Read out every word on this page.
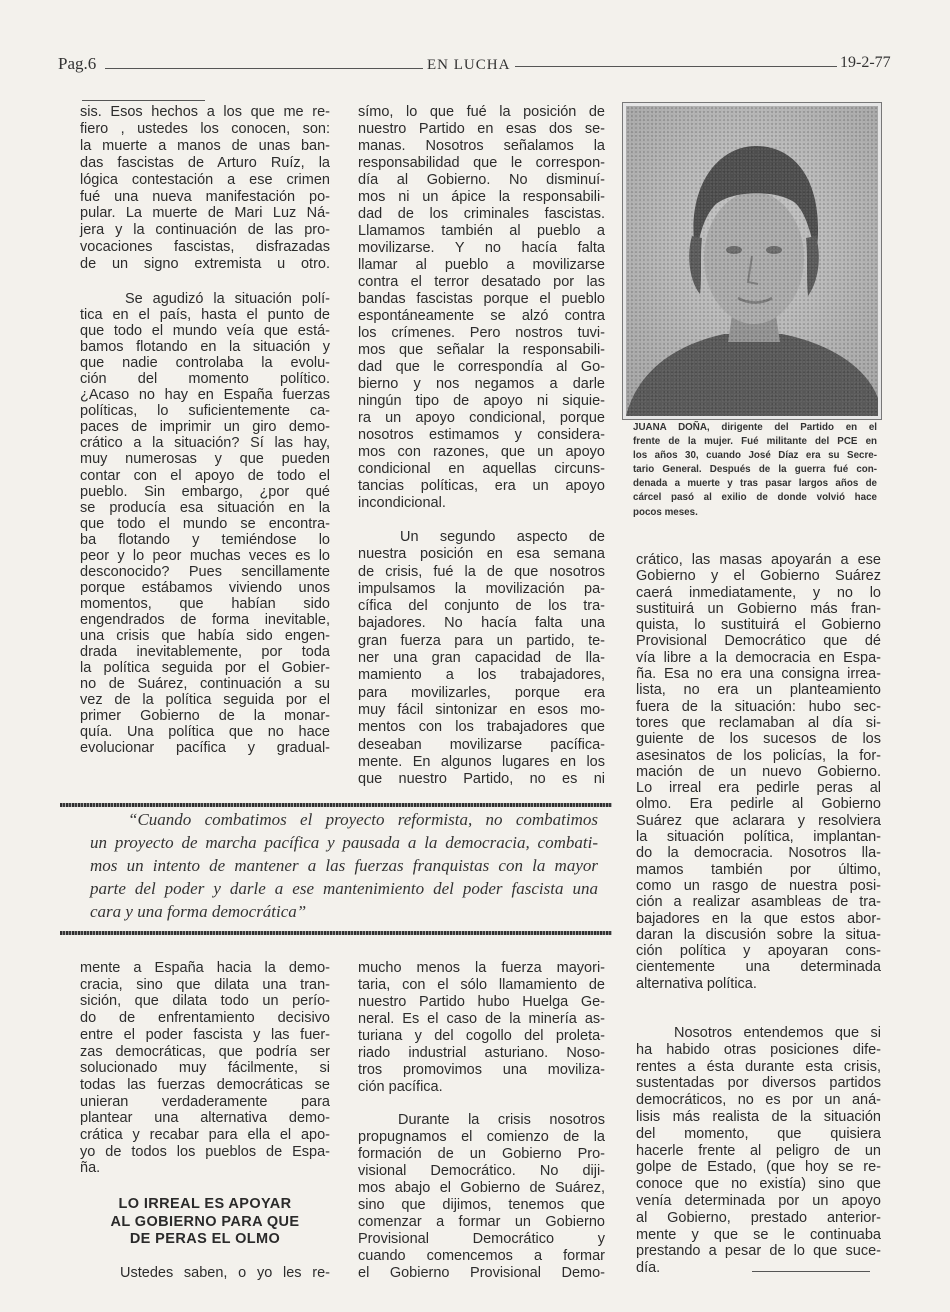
Pag.6	EN LUCHA	19-2-77
sis. Esos hechos a los que me re-
fiero , ustedes los conocen, son:
la muerte a manos de unas ban-
das fascistas de Arturo Ruíz, la
lógica contestación a ese crimen
fué una nueva manifestación po-
pular. La muerte de Mari Luz Ná-
jera y la continuación de las pro-
vocaciones fascistas, disfrazadas
de un signo extremista u otro.
Se agudizó la situación polí-
tica en el país, hasta el punto de
que todo el mundo veía que está-
bamos flotando en la situación y
que nadie controlaba la evolu-
ción del momento político.
¿Acaso no hay en España fuerzas
políticas, lo suficientemente ca-
paces de imprimir un giro demo-
crático a la situación? Sí las hay,
muy numerosas y que pueden
contar con el apoyo de todo el
pueblo. Sin embargo, ¿por qué
se producía esa situación en la
que todo el mundo se encontra-
ba flotando y temiéndose lo
peor y lo peor muchas veces es lo
desconocido? Pues sencillamente
porque estábamos viviendo unos
momentos, que habían sido
engendrados de forma inevitable,
una crisis que había sido engen-
drada inevitablemente, por toda
la política seguida por el Gobier-
no de Suárez, continuación a su
vez de la política seguida por el
primer Gobierno de la monar-
quía. Una política que no hace
evolucionar pacífica y gradual-
símo, lo que fué la posición de
nuestro Partido en esas dos se-
manas. Nosotros señalamos la
responsabilidad que le correspon-
día al Gobierno. No disminuí-
mos ni un ápice la responsabili-
dad de los criminales fascistas.
Llamamos también al pueblo a
movilizarse. Y no hacía falta
llamar al pueblo a movilizarse
contra el terror desatado por las
bandas fascistas porque el pueblo
espontáneamente se alzó contra
los crímenes. Pero nostros tuvi-
mos que señalar la responsabili-
dad que le correspondía al Go-
bierno y nos negamos a darle
ningún tipo de apoyo ni siquie-
ra un apoyo condicional, porque
nosotros estimamos y considera-
mos con razones, que un apoyo
condicional en aquellas circuns-
tancias políticas, era un apoyo
incondicional.
Un segundo aspecto de
nuestra posición en esa semana
de crisis, fué la de que nosotros
impulsamos la movilización pa-
cífica del conjunto de los tra-
bajadores. No hacía falta una
gran fuerza para un partido, te-
ner una gran capacidad de lla-
mamiento a los trabajadores,
para movilizarles, porque era
muy fácil sintonizar en esos mo-
mentos con los trabajadores que
deseaban movilizarse pacífica-
mente. En algunos lugares en los
que nuestro Partido, no es ni
JUANA DOÑA, dirigente del Partido en el
frente de la mujer. Fué militante del PCE en
los años 30, cuando José Díaz era su Secre-
tario General. Después de la guerra fué con-
denada a muerte y tras pasar largos años de
cárcel pasó al exilio de donde volvió hace
pocos meses.
crático, las masas apoyarán a ese
Gobierno y el Gobierno Suárez
caerá inmediatamente, y no lo
sustituirá un Gobierno más fran-
quista, lo sustituirá el Gobierno
Provisional Democrático que dé
vía libre a la democracia en Espa-
ña. Esa no era una consigna irrea-
lista, no era un planteamiento
fuera de la situación: hubo sec-
tores que reclamaban al día si-
guiente de los sucesos de los
asesinatos de los policías, la for-
mación de un nuevo Gobierno.
Lo irreal era pedirle peras al
olmo. Era pedirle al Gobierno
Suárez que aclarara y resolviera
la situación política, implantan-
do la democracia. Nosotros lla-
mamos también por último,
como un rasgo de nuestra posi-
ción a realizar asambleas de tra-
bajadores en la que estos abor-
daran la discusión sobre la situa-
ción política y apoyaran cons-
cientemente una determinada
alternativa política.
Nosotros entendemos que si
ha habido otras posiciones dife-
rentes a ésta durante esta crisis,
sustentadas por diversos partidos
democráticos, no es por un aná-
lisis más realista de la situación
del momento, que quisiera
hacerle frente al peligro de un
golpe de Estado, (que hoy se re-
conoce que no existía) sino que
venía determinada por un apoyo
al Gobierno, prestado anterior-
mente y que se le continuaba
prestando a pesar de lo que suce-
día.
“Cuando combatimos el proyecto reformista, no combatimos
un proyecto de marcha pacífica y pausada a la democracia, combati-
mos un intento de mantener a las fuerzas franquistas con la mayor
parte del poder y darle a ese mantenimiento del poder fascista una
cara y una forma democrática”
mente a España hacia la demo-
cracia, sino que dilata una tran-
sición, que dilata todo un perío-
do de enfrentamiento decisivo
entre el poder fascista y las fuer-
zas democráticas, que podría ser
solucionado muy fácilmente, si
todas las fuerzas democráticas se
unieran verdaderamente para
plantear una alternativa demo-
crática y recabar para ella el apo-
yo de todos los pueblos de Espa-
ña.
LO IRREAL ES APOYAR
AL GOBIERNO PARA QUE
DE PERAS EL OLMO
Ustedes saben, o yo les re-
mucho menos la fuerza mayori-
taria, con el sólo llamamiento de
nuestro Partido hubo Huelga Ge-
neral. Es el caso de la minería as-
turiana y del cogollo del proleta-
riado industrial asturiano. Noso-
tros promovimos una moviliza-
ción pacífica.
Durante la crisis nosotros
propugnamos el comienzo de la
formación de un Gobierno Pro-
visional Democrático. No diji-
mos abajo el Gobierno de Suárez,
sino que dijimos, tenemos que
comenzar a formar un Gobierno
Provisional Democrático y
cuando comencemos a formar
el Gobierno Provisional Demo-
